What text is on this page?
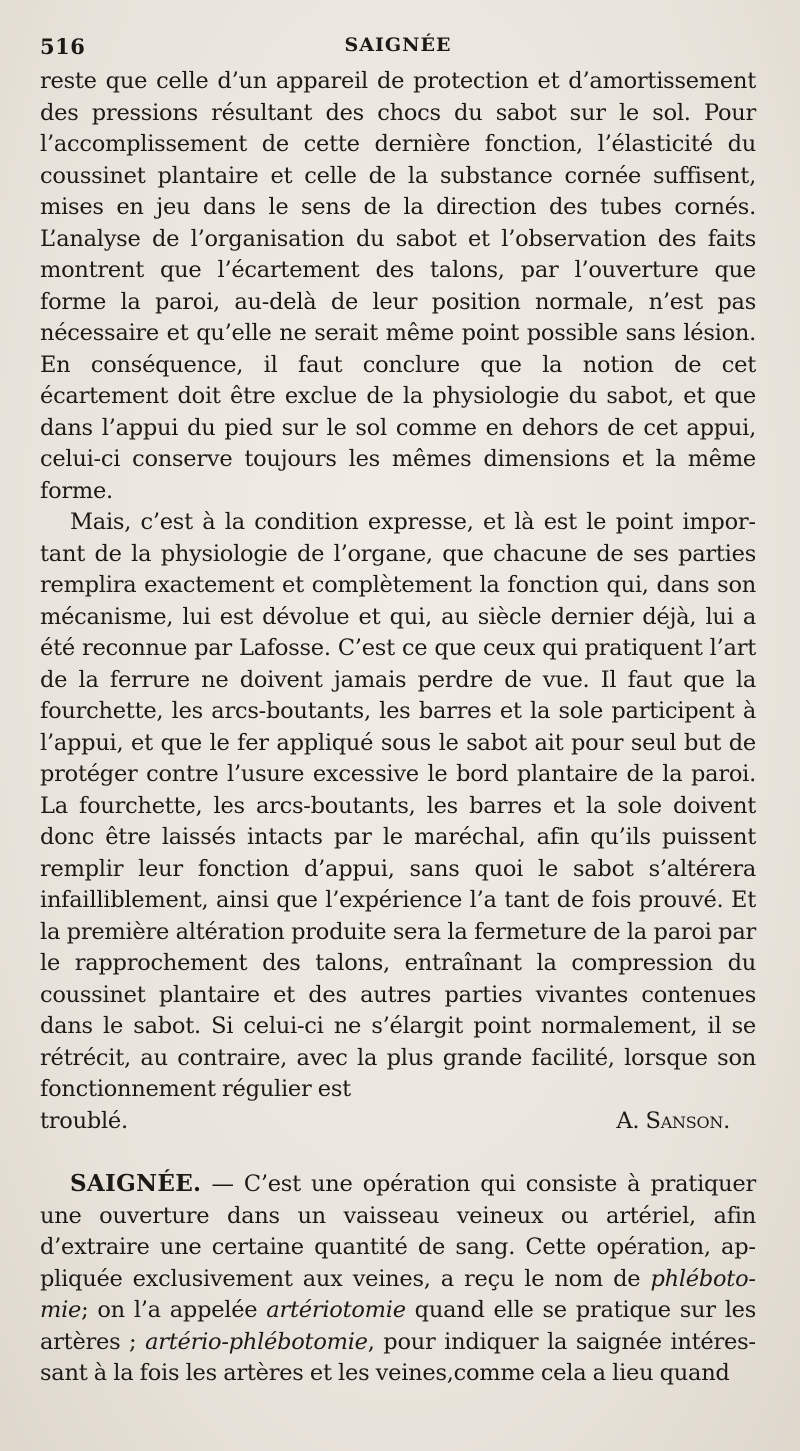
516	SAIGNÉE

reste que celle d’un appareil de protection et d’amortissement des pressions résultant des chocs du sabot sur le sol. Pour l’accomplissement de cette dernière fonction, l’élasticité du coussinet plantaire et celle de la substance cornée suffisent, mises en jeu dans le sens de la direction des tubes cornés. L’analyse de l’organisation du sabot et l’observation des faits montrent que l’écartement des talons, par l’ouverture que forme la paroi, au-delà de leur position normale, n’est pas nécessaire et qu’elle ne serait même point possible sans lésion. En conséquence, il faut conclure que la notion de cet écartement doit être exclue de la physiologie du sabot, et que dans l’appui du pied sur le sol comme en dehors de cet appui, celui-ci conserve toujours les mêmes dimensions et la même forme.

Mais, c’est à la condition expresse, et là est le point important de la physiologie de l’organe, que chacune de ses parties remplira exactement et complètement la fonction qui, dans son mécanisme, lui est dévolue et qui, au siècle dernier déjà, lui a été reconnue par Lafosse. C’est ce que ceux qui pratiquent l’art de la ferrure ne doivent jamais perdre de vue. Il faut que la fourchette, les arcs-boutants, les barres et la sole participent à l’appui, et que le fer appliqué sous le sabot ait pour seul but de protéger contre l’usure excessive le bord plantaire de la paroi. La fourchette, les arcs-boutants, les barres et la sole doivent donc être laissés intacts par le maréchal, afin qu’ils puissent remplir leur fonction d’appui, sans quoi le sabot s’altérera infailliblement, ainsi que l’expérience l’a tant de fois prouvé. Et la première altération produite sera la fermeture de la paroi par le rapprochement des talons, entraînant la compression du coussinet plantaire et des autres parties vivantes contenues dans le sabot. Si celui-ci ne s’élargit point normalement, il se rétrécit, au contraire, avec la plus grande facilité, lorsque son fonctionnement régulier est

troublé.	A. Sanson.

SAIGNÉE. — C’est une opération qui consiste à pratiquer une ouverture dans un vaisseau veineux ou artériel, afin d’extraire une certaine quantité de sang. Cette opération, appliquée exclusivement aux veines, a reçu le nom de phlébotomie; on l’a appelée artériotomie quand elle se pratique sur les artères ; artério-phlébotomie, pour indiquer la saignée intéressant à la fois les artères et les veines,comme cela a lieu quand
